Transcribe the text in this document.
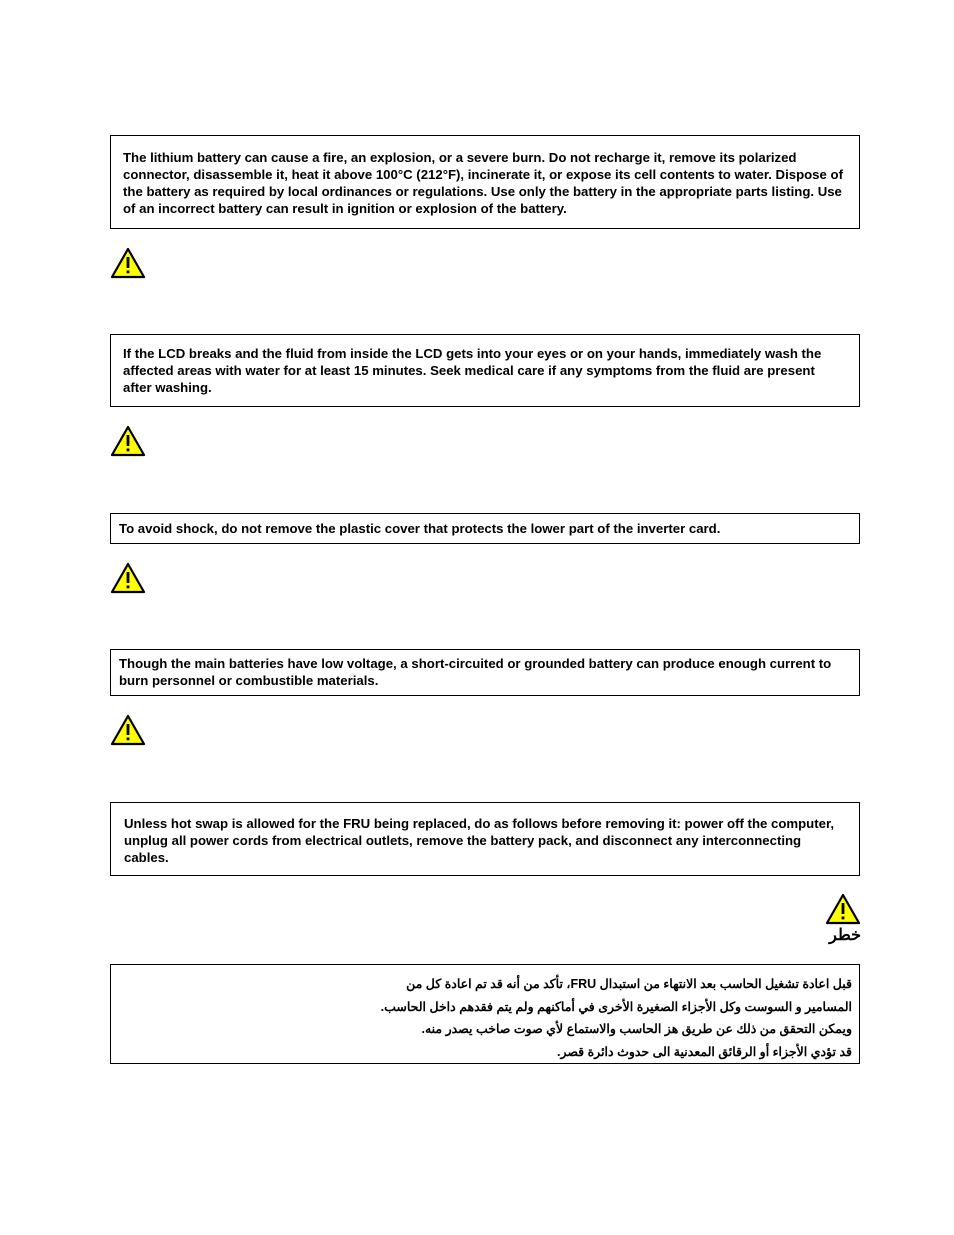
The lithium battery can cause a fire, an explosion, or a severe burn. Do not recharge it, remove its polarized connector, disassemble it, heat it above 100°C (212°F), incinerate it, or expose its cell contents to water. Dispose of the battery as required by local ordinances or regulations. Use only the battery in the appropriate parts listing. Use of an incorrect battery can result in ignition or explosion of the battery.

If the LCD breaks and the fluid from inside the LCD gets into your eyes or on your hands, immediately wash the affected areas with water for at least 15 minutes. Seek medical care if any symptoms from the fluid are present after washing.

To avoid shock, do not remove the plastic cover that protects the lower part of the inverter card.

Though the main batteries have low voltage, a short-circuited or grounded battery can produce enough current to burn personnel or combustible materials.

Unless hot swap is allowed for the FRU being replaced, do as follows before removing it: power off the computer, unplug all power cords from electrical outlets, remove the battery pack, and disconnect any interconnecting cables.

خطر

قبل اعادة تشغيل الحاسب بعد الانتهاء من استبدال FRU، تأكد من أنه قد تم اعادة كل من

المسامير و السوست وكل الأجزاء الصغيرة الأخرى في أماكنهم ولم يتم فقدهم داخل الحاسب.

ويمكن التحقق من ذلك عن طريق هز الحاسب والاستماع لأي صوت صاخب يصدر منه.

قد تؤدي الأجزاء أو الرقائق المعدنية الى حدوث دائرة قصر.
